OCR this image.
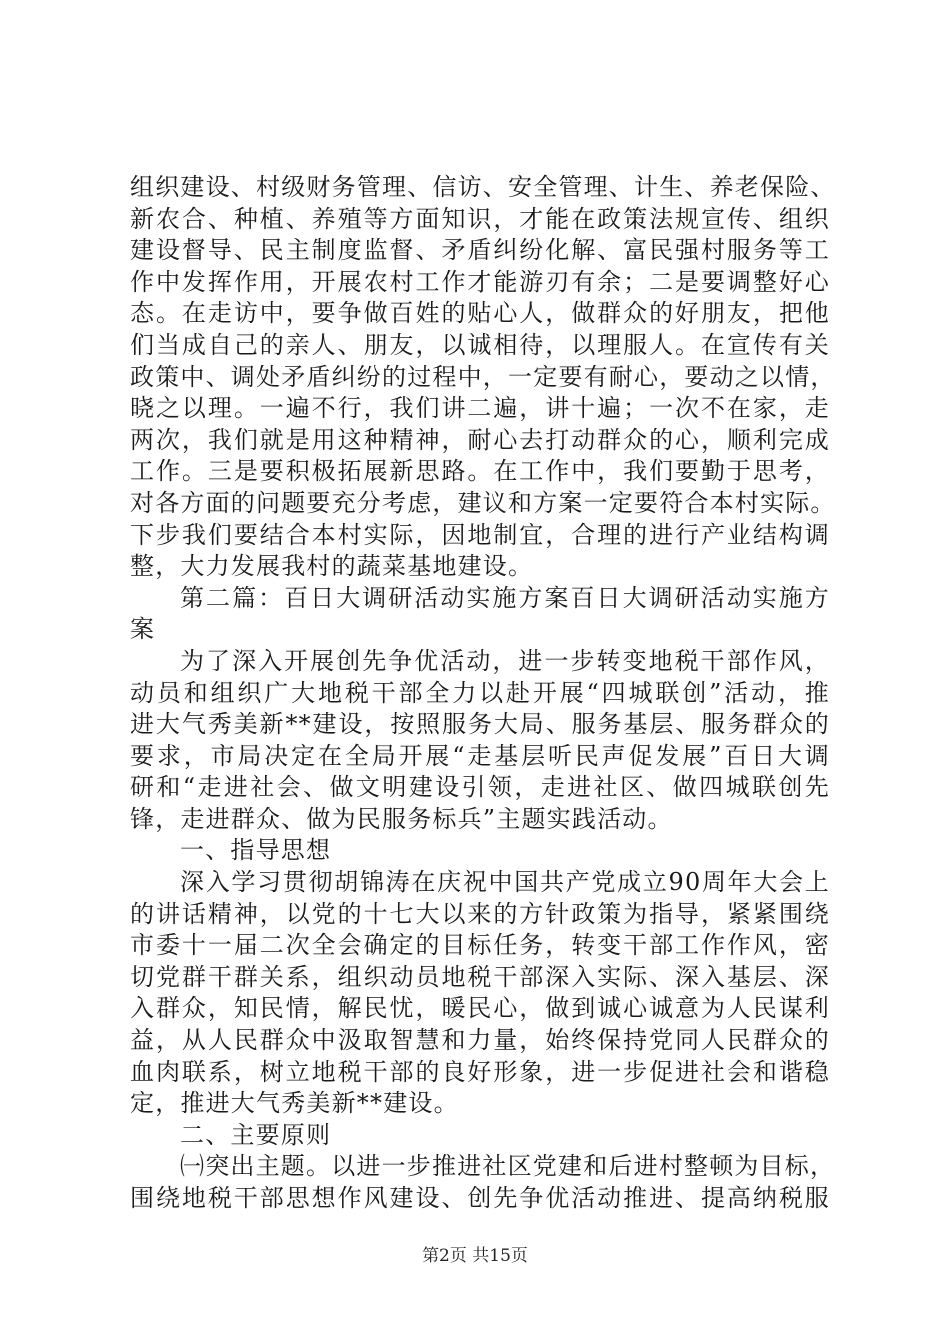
组织建设、村级财务管理、信访、安全管理、计生、养老保险、
新农合、种植、养殖等方面知识，才能在政策法规宣传、组织
建设督导、民主制度监督、矛盾纠纷化解、富民强村服务等工
作中发挥作用，开展农村工作才能游刃有余；二是要调整好心
态。在走访中，要争做百姓的贴心人，做群众的好朋友，把他
们当成自己的亲人、朋友，以诚相待，以理服人。在宣传有关
政策中、调处矛盾纠纷的过程中，一定要有耐心，要动之以情，
晓之以理。一遍不行，我们讲二遍，讲十遍；一次不在家，走
两次，我们就是用这种精神，耐心去打动群众的心，顺利完成
工作。三是要积极拓展新思路。在工作中，我们要勤于思考，
对各方面的问题要充分考虑，建议和方案一定要符合本村实际。
下步我们要结合本村实际，因地制宜，合理的进行产业结构调
整，大力发展我村的蔬菜基地建设。
第二篇：百日大调研活动实施方案百日大调研活动实施方
案
为了深入开展创先争优活动，进一步转变地税干部作风，
动员和组织广大地税干部全力以赴开展“四城联创”活动，推
进大气秀美新**建设，按照服务大局、服务基层、服务群众的
要求，市局决定在全局开展“走基层听民声促发展”百日大调
研和“走进社会、做文明建设引领，走进社区、做四城联创先
锋，走进群众、做为民服务标兵”主题实践活动。
一、指导思想
深入学习贯彻胡锦涛在庆祝中国共产党成立90周年大会上
的讲话精神，以党的十七大以来的方针政策为指导，紧紧围绕
市委十一届二次全会确定的目标任务，转变干部工作作风，密
切党群干群关系，组织动员地税干部深入实际、深入基层、深
入群众，知民情，解民忧，暖民心，做到诚心诚意为人民谋利
益，从人民群众中汲取智慧和力量，始终保持党同人民群众的
血肉联系，树立地税干部的良好形象，进一步促进社会和谐稳
定，推进大气秀美新**建设。
二、主要原则
㈠突出主题。以进一步推进社区党建和后进村整顿为目标，
围绕地税干部思想作风建设、创先争优活动推进、提高纳税服
第2页 共15页
